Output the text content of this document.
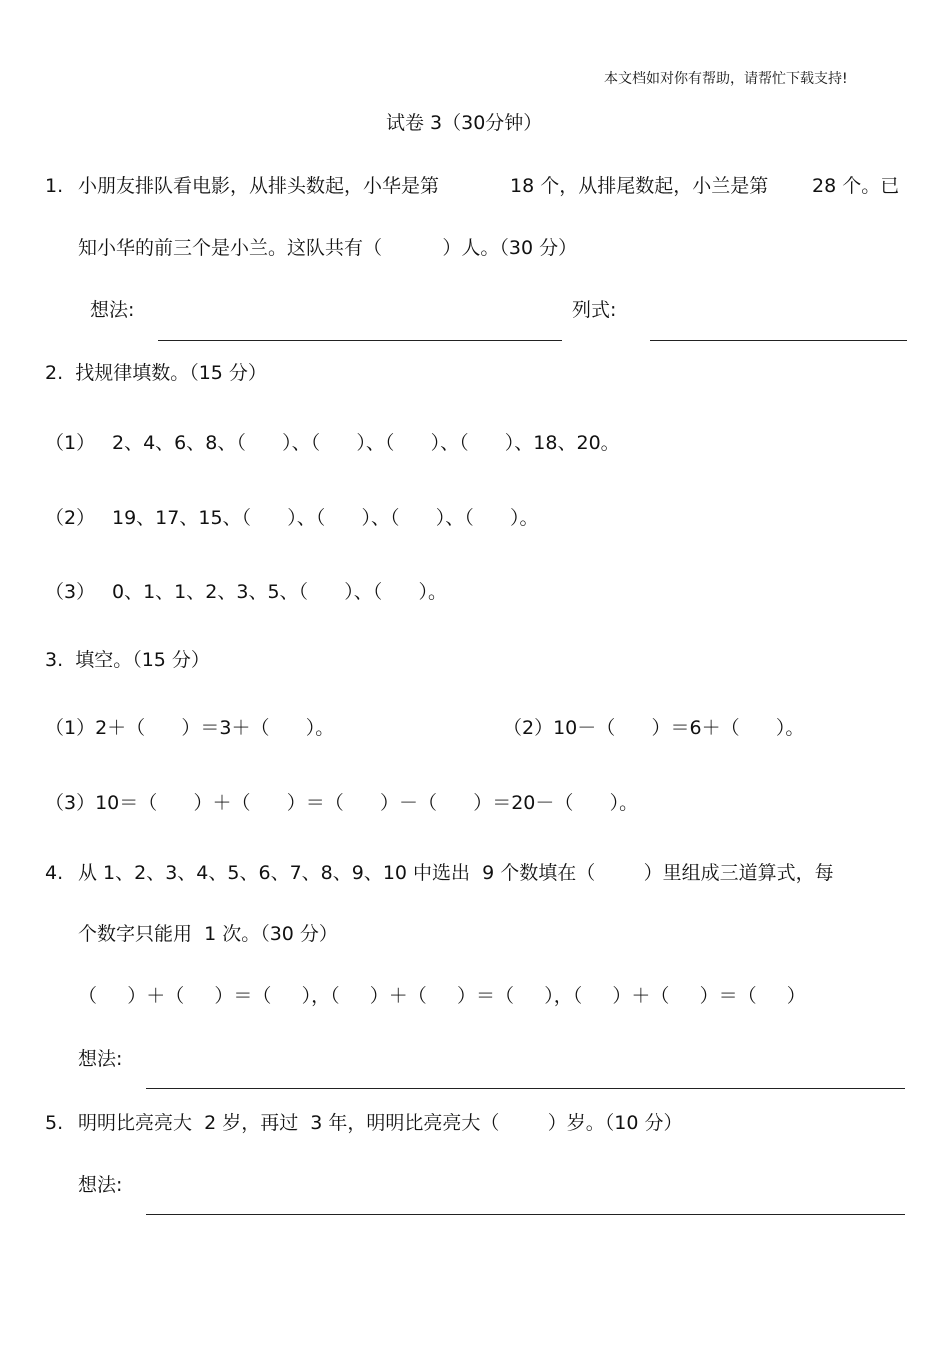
本文档如对你有帮助，请帮忙下载支持!
试卷 3（30分钟）
1. 小朋友排队看电影，从排头数起，小华是第	18 个，从排尾数起，小兰是第 28 个。已
知小华的前三个是小兰。这队共有（          ）人。（30 分）
想法:	列式:
2.  找规律填数。（15 分）
（1） 2、4、6、8、（      ）、（      ）、（      ）、（      ）、18、20。
（2） 19、17、15、（      ）、（      ）、（      ）、（      ）。
（3） 0、1、1、2、3、5、（      ）、（      ）。
3.  填空。（15 分）
（1）2＋（      ）＝3＋（      ）。	（2）10－（      ）＝6＋（      ）。
（3）10＝（      ）＋（      ）＝（      ）－（      ）＝20－（      ）。
4. 从 1、2、3、4、5、6、7、8、9、10 中选出  9 个数填在（        ）里组成三道算式，每
个数字只能用  1 次。（30 分）
（     ）＋（     ）＝（     ），（     ）＋（     ）＝（     ），（     ）＋（     ）＝（     ）
想法:
5. 明明比亮亮大  2 岁，再过  3 年，明明比亮亮大（        ）岁。（10 分）
想法:
